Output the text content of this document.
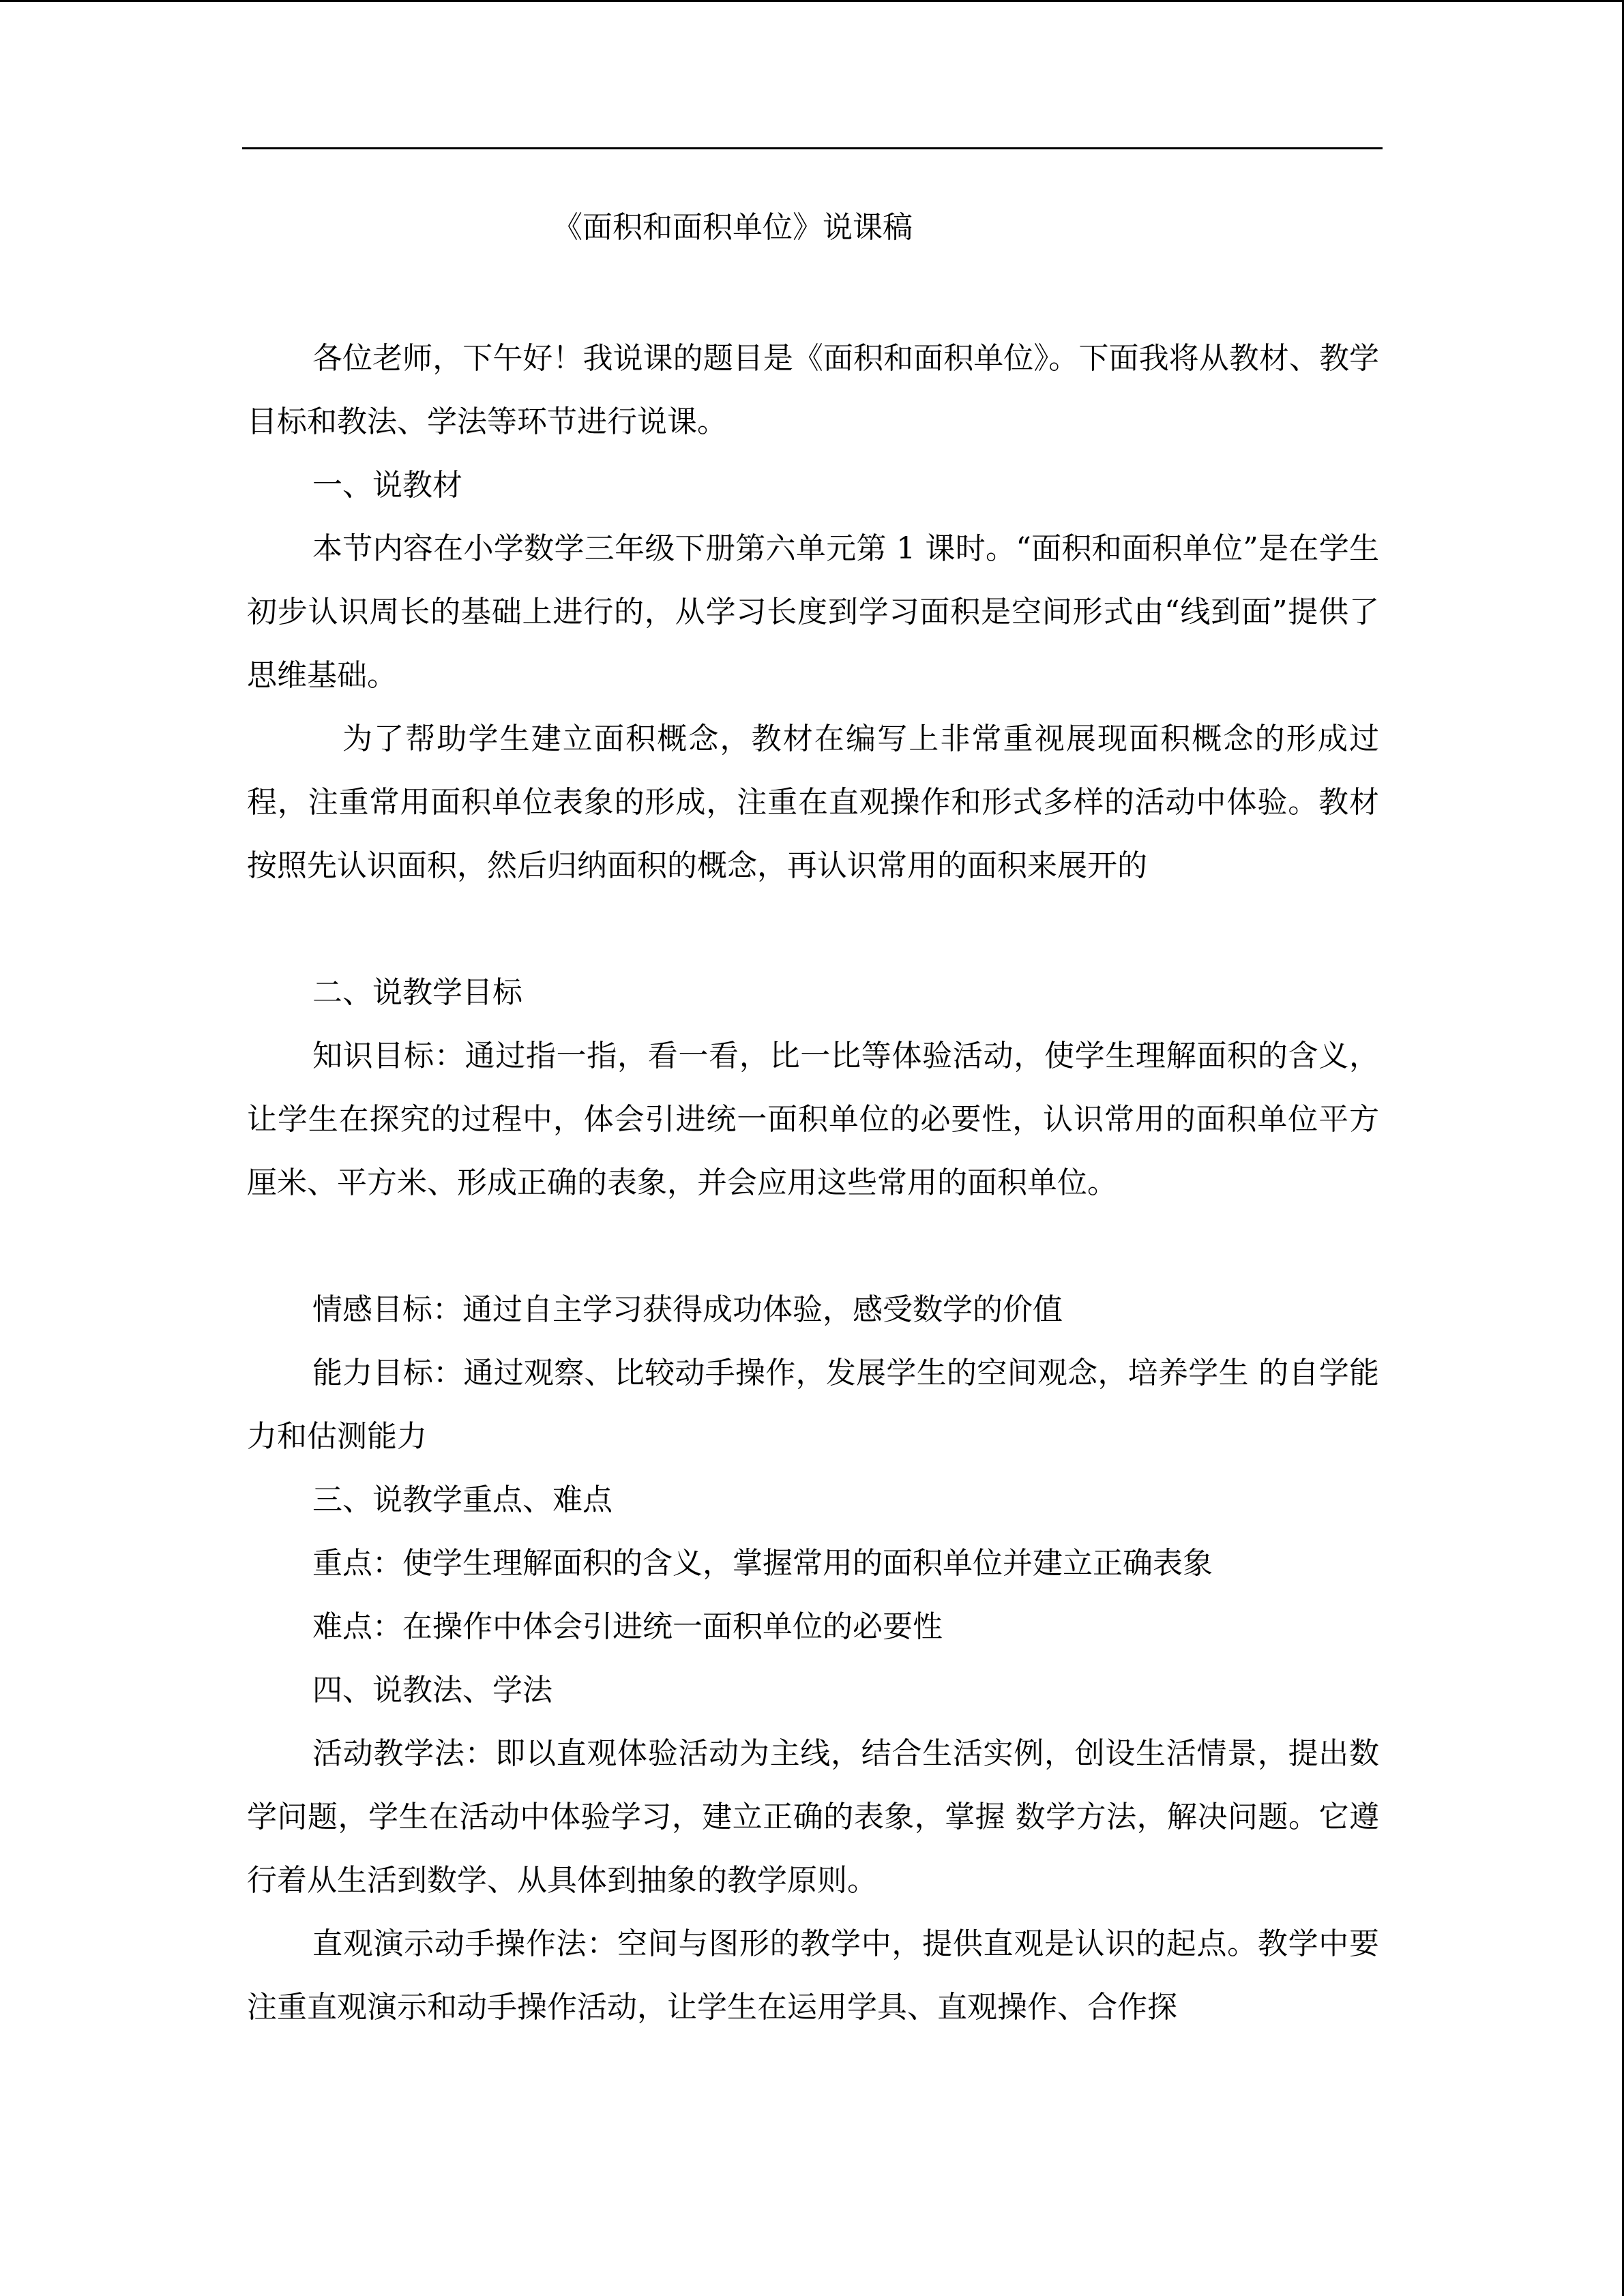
《面积和面积单位》说课稿

各位老师，下午好！我说课的题目是《面积和面积单位》。下面我将从教材、教学目标和教法、学法等环节进行说课。

一、说教材

本节内容在小学数学三年级下册第六单元第 1 课时。“面积和面积单位”是在学生初步认识周长的基础上进行的，从学习长度到学习面积是空间形式由“线到面”提供了思维基础。

为了帮助学生建立面积概念，教材在编写上非常重视展现面积概念的形成过程，注重常用面积单位表象的形成，注重在直观操作和形式多样的活动中体验。教材按照先认识面积，然后归纳面积的概念，再认识常用的面积来展开的

二、说教学目标

知识目标：通过指一指，看一看，比一比等体验活动，使学生理解面积的含义，让学生在探究的过程中，体会引进统一面积单位的必要性，认识常用的面积单位平方厘米、平方米、形成正确的表象，并会应用这些常用的面积单位。

情感目标：通过自主学习获得成功体验，感受数学的价值

能力目标：通过观察、比较动手操作，发展学生的空间观念，培养学生 的自学能力和估测能力

三、说教学重点、难点

重点：使学生理解面积的含义，掌握常用的面积单位并建立正确表象

难点：在操作中体会引进统一面积单位的必要性

四、说教法、学法

活动教学法：即以直观体验活动为主线，结合生活实例，创设生活情景，提出数学问题，学生在活动中体验学习，建立正确的表象，掌握 数学方法，解决问题。它遵行着从生活到数学、从具体到抽象的教学原则。

直观演示动手操作法：空间与图形的教学中，提供直观是认识的起点。教学中要注重直观演示和动手操作活动，让学生在运用学具、直观操作、合作探
